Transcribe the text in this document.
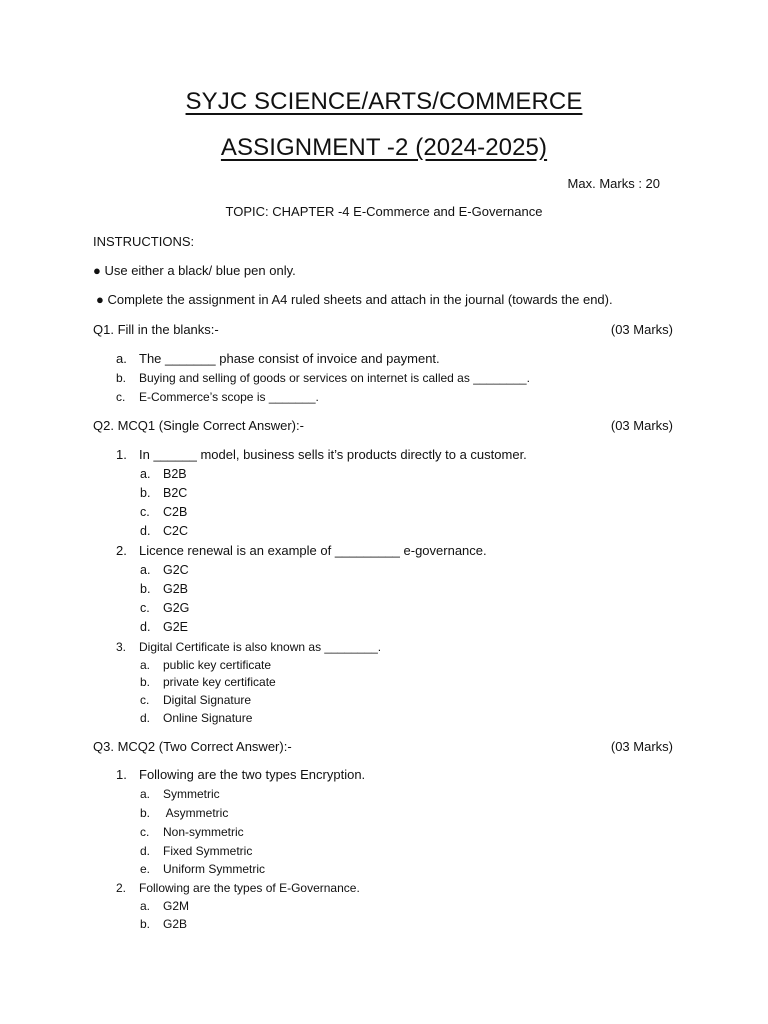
SYJC SCIENCE/ARTS/COMMERCE
ASSIGNMENT -2 (2024-2025)
Max. Marks : 20
TOPIC: CHAPTER -4 E-Commerce and E-Governance
INSTRUCTIONS:
● Use either a black/ blue pen only.
● Complete the assignment in A4 ruled sheets and attach in the journal (towards the end).
Q1. Fill in the blanks:-	(03 Marks)
a. The _______ phase consist of invoice and payment.
b. Buying and selling of goods or services on internet is called as ________.
c. E-Commerce’s scope is _______.
Q2. MCQ1 (Single Correct Answer):-	(03 Marks)
1. In ______ model, business sells it’s products directly to a customer.
a. B2B
b. B2C
c. C2B
d. C2C
2. Licence renewal is an example of _________ e-governance.
a. G2C
b. G2B
c. G2G
d. G2E
3. Digital Certificate is also known as ________.
a. public key certificate
b. private key certificate
c. Digital Signature
d. Online Signature
Q3. MCQ2 (Two Correct Answer):-	(03 Marks)
1. Following are the two types Encryption.
a. Symmetric
b. Asymmetric
c. Non-symmetric
d. Fixed Symmetric
e. Uniform Symmetric
2. Following are the types of E-Governance.
a. G2M
b. G2B
